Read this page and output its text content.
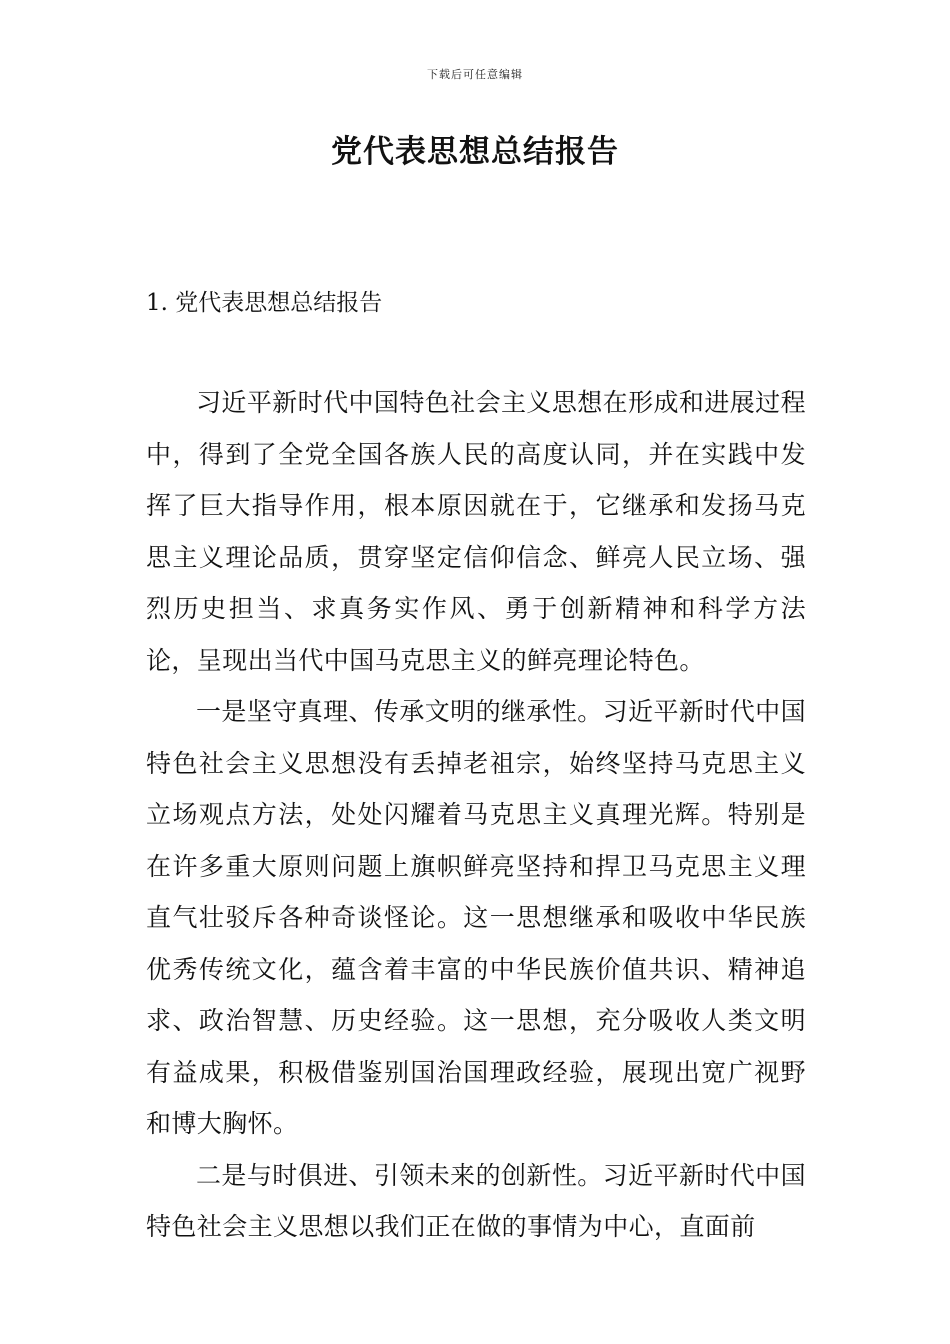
下载后可任意编辑
党代表思想总结报告
1. 党代表思想总结报告

习近平新时代中国特色社会主义思想在形成和进展过程中，得到了全党全国各族人民的高度认同，并在实践中发挥了巨大指导作用，根本原因就在于，它继承和发扬马克思主义理论品质，贯穿坚定信仰信念、鲜亮人民立场、强烈历史担当、求真务实作风、勇于创新精神和科学方法论，呈现出当代中国马克思主义的鲜亮理论特色。

一是坚守真理、传承文明的继承性。习近平新时代中国特色社会主义思想没有丢掉老祖宗，始终坚持马克思主义立场观点方法，处处闪耀着马克思主义真理光辉。特别是在许多重大原则问题上旗帜鲜亮坚持和捍卫马克思主义理直气壮驳斥各种奇谈怪论。这一思想继承和吸收中华民族优秀传统文化，蕴含着丰富的中华民族价值共识、精神追求、政治智慧、历史经验。这一思想，充分吸收人类文明有益成果，积极借鉴别国治国理政经验，展现出宽广视野和博大胸怀。

二是与时俱进、引领未来的创新性。习近平新时代中国特色社会主义思想以我们正在做的事情为中心，直面前
